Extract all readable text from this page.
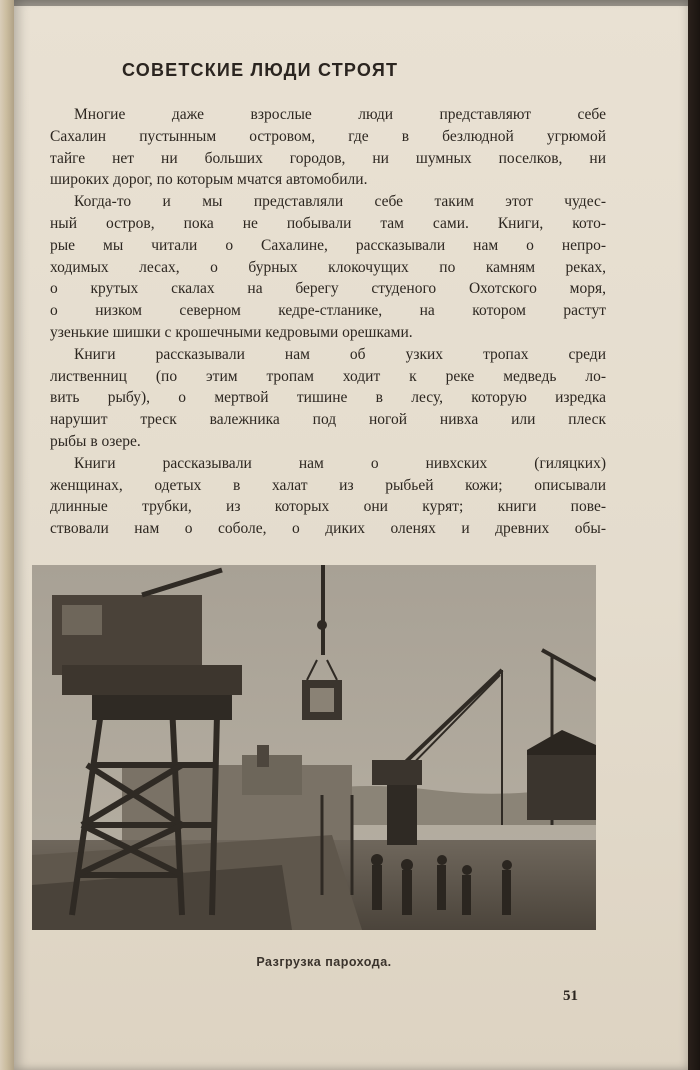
СОВЕТСКИЕ ЛЮДИ СТРОЯТ
Многие даже взрослые люди представляют себе
Сахалин пустынным островом, где в безлюдной угрюмой
тайге нет ни больших городов, ни шумных поселков, ни
широких дорог, по которым мчатся автомобили.
Когда-то и мы представляли себе таким этот чудес-
ный остров, пока не побывали там сами. Книги, кото-
рые мы читали о Сахалине, рассказывали нам о непро-
ходимых лесах, о бурных клокочущих по камням реках,
о крутых скалах на берегу студеного Охотского моря,
о низком северном кедре-стланике, на котором растут
узенькие шишки с крошечными кедровыми орешками.
Книги рассказывали нам об узких тропах среди
лиственниц (по этим тропам ходит к реке медведь ло-
вить рыбу), о мертвой тишине в лесу, которую изредка
нарушит треск валежника под ногой нивха или плеск
рыбы в озере.
Книги рассказывали нам о нивхских (гиляцких)
женщинах, одетых в халат из рыбьей кожи; описывали
длинные трубки, из которых они курят; книги пове-
ствовали нам о соболе, о диких оленях и древних обы-
Разгрузка парохода.
51
